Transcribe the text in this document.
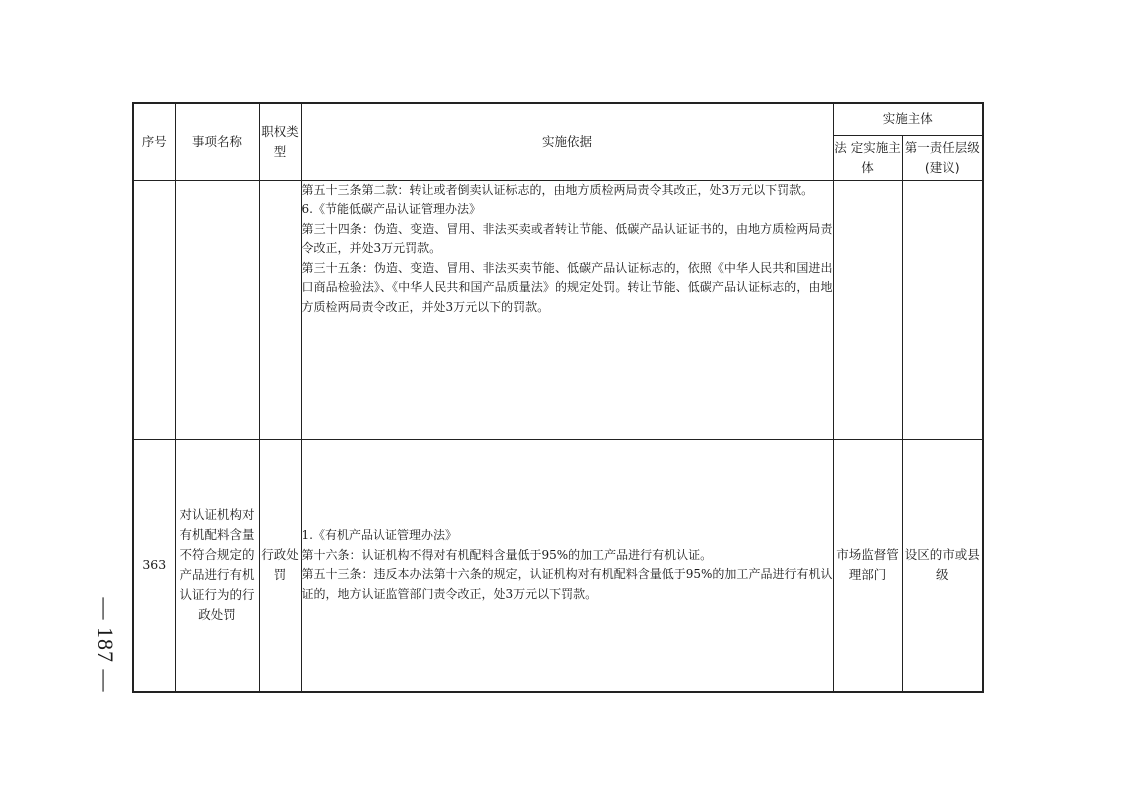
— 187 —
序号	事项名称	职权类型	实施依据	实施主体	
				法 定实施主体	第一责任层级(建议)

			第五十三条第二款：转让或者倒卖认证标志的，由地方质检两局责令其改正，处3万元以下罚款。
6.《节能低碳产品认证管理办法》
第三十四条：伪造、变造、冒用、非法买卖或者转让节能、低碳产品认证证书的，由地方质检两局责令改正，并处3万元罚款。
第三十五条：伪造、变造、冒用、非法买卖节能、低碳产品认证标志的，依照《中华人民共和国进出口商品检验法》、《中华人民共和国产品质量法》的规定处罚。转让节能、低碳产品认证标志的，由地方质检两局责令改正，并处3万元以下的罚款。		

363	对认证机构对有机配料含量不符合规定的产品进行有机认证行为的行政处罚	行政处罚	1.《有机产品认证管理办法》
第十六条：认证机构不得对有机配料含量低于95%的加工产品进行有机认证。
第五十三条：违反本办法第十六条的规定，认证机构对有机配料含量低于95%的加工产品进行有机认证的，地方认证监管部门责令改正，处3万元以下罚款。	市场监督管理部门	设区的市或县级
